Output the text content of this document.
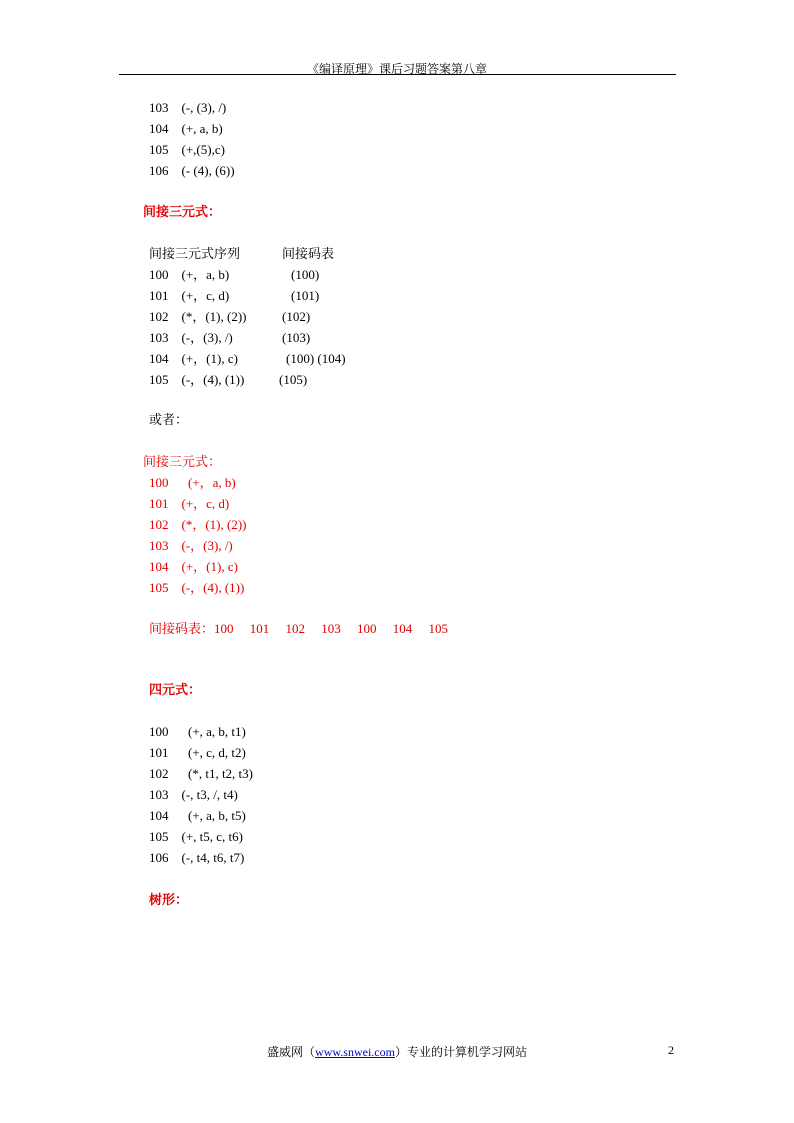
《编译原理》课后习题答案第八章
103    (-, (3), /)
104    (+, a, b)
105    (+,(5),c)
106    (- (4), (6))
间接三元式：
间接三元式序列	间接码表
100    (+，a, b)	(100)
101    (+，c, d)	(101)
102    (*，(1), (2))	(102)
103    (-，(3), /)	(103)
104    (+，(1), c)	(100) (104)
105    (-，(4), (1))	(105)
或者：
间接三元式：
100      (+，a, b)
101    (+，c, d)
102    (*，(1), (2))
103    (-，(3), /)
104    (+，(1), c)
105    (-，(4), (1))
间接码表：100     101     102     103     100     104     105
四元式：
100      (+, a, b, t1)
101      (+, c, d, t2)
102      (*, t1, t2, t3)
103    (-, t3, /, t4)
104      (+, a, b, t5)
105    (+, t5, c, t6)
106    (-, t4, t6, t7)
树形：
盛威网（www.snwei.com）专业的计算机学习网站	2
